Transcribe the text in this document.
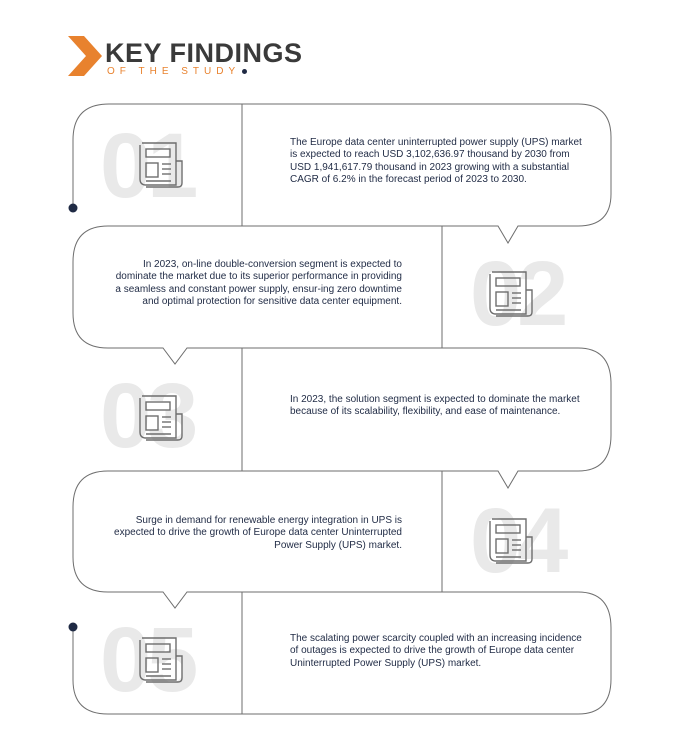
KEY FINDINGS
OF THE STUDY
01	The Europe data center uninterrupted power supply (UPS) market is expected to reach USD 3,102,636.97 thousand by 2030 from USD 1,941,617.79 thousand in 2023 growing with a substantial CAGR of 6.2% in the forecast period of 2023 to 2030.
02
In 2023, on-line double-conversion segment is expected to dominate the market due to its superior performance in providing a seamless and constant power supply, ensur-ing zero downtime and optimal protection for sensitive data center equipment.
03	In 2023, the solution segment is expected to dominate the market because of its scalability, flexibility, and ease of maintenance.
04
Surge in demand for renewable energy integration in UPS is expected to drive the growth of Europe data center Uninterrupted Power Supply (UPS) market.
05	The scalating power scarcity coupled with an increasing incidence of outages is expected to drive the growth of Europe data center Uninterrupted Power Supply (UPS) market.
